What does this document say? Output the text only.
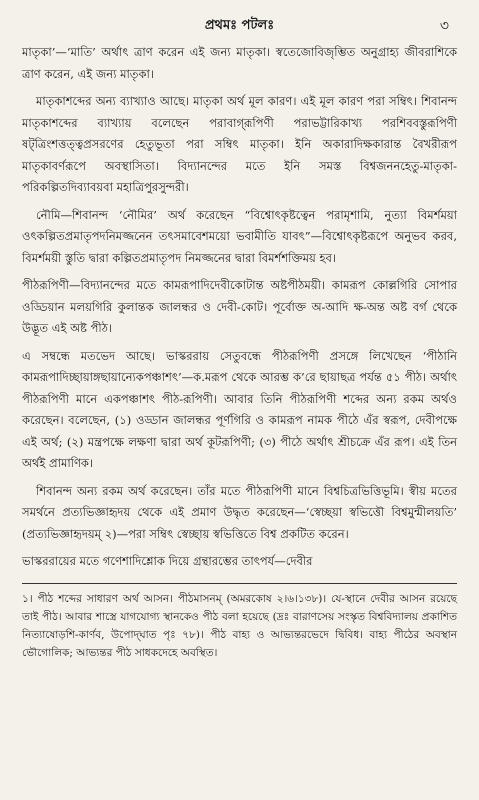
প্রথমঃ পটলঃ	৩

মাতৃকা’—‘মাতি’ অর্থাৎ ত্রাণ করেন এই জন্য মাতৃকা। স্বতেজোবিজৃম্ভিত অনুগ্রাহ্য জীবরাশিকে ত্রাণ করেন, এই জন্য মাতৃকা।

মাতৃকাশব্দের অন্য ব্যাখ্যাও আছে। মাতৃকা অর্থ মূল কারণ। এই মূল কারণ পরা সম্বিৎ। শিবানন্দ মাতৃকাশব্দের ব্যাখ্যায় বলেছেন পরাবাগ্‌রূপিণী পরাভট্টারিকাখ্য পরশিববস্তুরূপিণী ষট্‌ত্রিংশত্তত্ত্বপ্রসরণের হেতুভূতা পরা সম্বিৎ মাতৃকা। ইনি অকারাদিক্ষকারান্ত বৈখরীরূপ মাতৃকাবর্ণরূপে অবস্থাসিতা। বিদ্যানন্দের মতে ইনি সমস্ত বিশ্বজননহেতু-মাতৃকা-পরিকল্পিতদিব্যাবয়বা মহাত্রিপুরসুন্দরী।

নৌমি—শিবানন্দ ‘নৌমির’ অর্থ করেছেন “বিশ্বোৎকৃষ্টত্বেন পরামৃশামি, নুত্যা বিমর্শময়া ওৎকল্পিতপ্রমাতৃপদনিমজ্জনেন তৎসমাবেশময়ো ভবামীতি যাবৎ”—বিশ্বোৎকৃষ্টরূপে অনুভব করব, বিমর্শময়ী স্তুতি দ্বারা কল্পিতপ্রমাতৃপদ নিমজ্জনের দ্বারা বিমর্শশক্তিময় হব।

পীঠরূপিণী—বিদ্যানন্দের মতে কামরূপাদিদেবীকোটান্ত অষ্টপীঠময়ী। কামরূপ কোল্লগিরি সোপার ওড্ডিয়ান মলয়গিরি কুলান্তক জালন্ধর ও দেবী-কোট। পূর্বোক্ত অ-আদি ক্ষ-অন্ত অষ্ট বর্গ থেকে উদ্ভূত এই অষ্ট পীঠ।

এ সম্বন্ধে মতভেদ আছে। ভাস্কররায় সেতুবন্ধে পীঠরূপিণী প্রসঙ্গে লিখেছেন ‘পীঠানি কামরূপাদিচ্ছায়াঙ্গছায়ান্যেকপঞ্চাশৎ’—ক.মরূপ থেকে আরম্ভ ক’রে ছায়াছত্র পর্যন্ত ৫১ পীঠ। অর্থাৎ পীঠরূপিণী মানে একপঞ্চাশৎ পীঠ-রূপিণী। আবার তিনি পীঠরূপিণী শব্দের অন্য রকম অর্থও করেছেন। বলেছেন, (১) ওড্ডান জালন্ধর পূর্ণগিরি ও কামরূপ নামক পীঠে এঁর স্বরূপ, দেবীপক্ষে এই অর্থ; (২) মন্ত্রপক্ষে লক্ষণা দ্বারা অর্থ কূটরূপিণী; (৩) পীঠে অর্থাৎ শ্রীচক্রে এঁর রূপ। এই তিন অর্থই প্রামাণিক।

শিবানন্দ অন্য রকম অর্থ করেছেন। তাঁর মতে পীঠরূপিণী মানে বিশ্বচিত্রভিত্তিভূমি। স্বীয় মতের সমর্থনে প্রত্যভিজ্ঞাহৃদয় থেকে এই প্রমাণ উদ্ধৃত করেছেন—‘স্বেচ্ছয়া স্বভিত্তৌ বিশ্বমুন্মীলয়তি’ (প্রত্যভিজ্ঞাহৃদয়ম্‌ ২)—পরা সম্বিৎ স্বেচ্ছায় স্বভিত্তিতে বিশ্ব প্রকটিত করেন।

ভাস্কররায়ের মতে গণেশাদিশ্লোক দিয়ে গ্রন্থারম্ভের তাৎপর্য—দেবীর

১। পীঠ শব্দের সাধারণ অর্থ আসন। পীঠমাসনম্‌ (অমরকোষ ২।৬।১৩৮)। যে-স্থানে দেবীর আসন রয়েছে তাই পীঠ। আবার শাস্ত্রে যাগযোগ্য স্থানকেও পীঠ বলা হয়েছে (দ্রঃ বারাণসেয় সংস্কৃত বিশ্ববিদ্যালয় প্রকাশিত নিত্যাষোড়শি-কার্ণব, উপোদ্‌ঘাত পৃঃ ৭৮)। পীঠ বাহ্য ও আভ্যন্তরভেদে দ্বিবিধ। বাহ্য পীঠের অবস্থান ভৌগোলিক; আভ্যন্তর পীঠ সাধকদেহে অবস্থিত।
